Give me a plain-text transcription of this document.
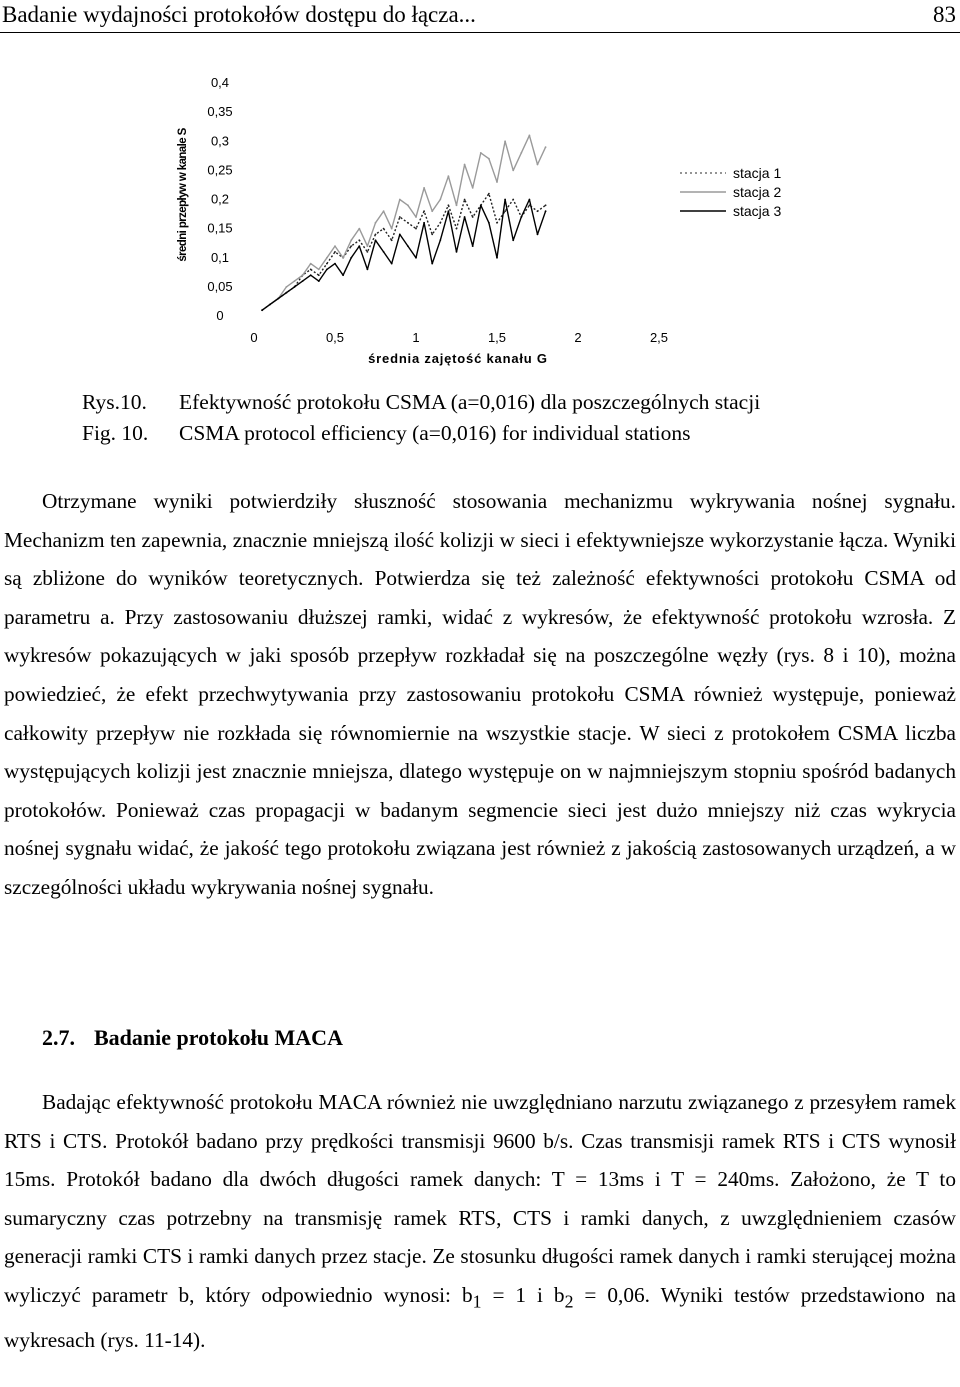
Badanie wydajności protokołów dostępu do łącza...	83
0
0,05
0,1
0,15
0,2
0,25
0,3
0,35
0,4
0	0,5	1	1,5	2	2,5
średni przepływ w kanale S
średnia zajętość kanału G
stacja 1
stacja 2
stacja 3
Rys.10. Efektywność protokołu CSMA (a=0,016) dla poszczególnych stacji
Fig. 10. CSMA protocol efficiency (a=0,016) for individual stations

Otrzymane wyniki potwierdziły słuszność stosowania mechanizmu wykrywania nośnej sygnału. Mechanizm ten zapewnia, znacznie mniejszą ilość kolizji w sieci i efektywniejsze wykorzystanie łącza. Wyniki są zbliżone do wyników teoretycznych. Potwierdza się też zależność efektywności protokołu CSMA od parametru a. Przy zastosowaniu dłuższej ramki, widać z wykresów, że efektywność protokołu wzrosła. Z wykresów pokazujących w jaki sposób przepływ rozkładał się na poszczególne węzły (rys. 8 i 10), można powiedzieć, że efekt przechwytywania przy zastosowaniu protokołu CSMA również występuje, ponieważ całkowity przepływ nie rozkłada się równomiernie na wszystkie stacje. W sieci z protokołem CSMA liczba występujących kolizji jest znacznie mniejsza, dlatego występuje on w najmniejszym stopniu spośród badanych protokołów. Ponieważ czas propagacji w badanym segmencie sieci jest dużo mniejszy niż czas wykrycia nośnej sygnału widać, że jakość tego protokołu związana jest również z jakością zastosowanych urządzeń, a w szczególności układu wykrywania nośnej sygnału.

2.7. Badanie protokołu MACA

Badając efektywność protokołu MACA również nie uwzględniano narzutu związanego z przesyłem ramek RTS i CTS. Protokół badano przy prędkości transmisji 9600 b/s. Czas transmisji ramek RTS i CTS wynosił 15ms. Protokół badano dla dwóch długości ramek danych: T = 13ms i T = 240ms. Założono, że T to sumaryczny czas potrzebny na transmisję ramek RTS, CTS i ramki danych, z uwzględnieniem czasów generacji ramki CTS i ramki danych przez stacje. Ze stosunku długości ramek danych i ramki sterującej można wyliczyć parametr b, który odpowiednio wynosi: $b_1 = 1$ i $b_2 = 0,06$. Wyniki testów przedstawiono na wykresach (rys. 11-14).
